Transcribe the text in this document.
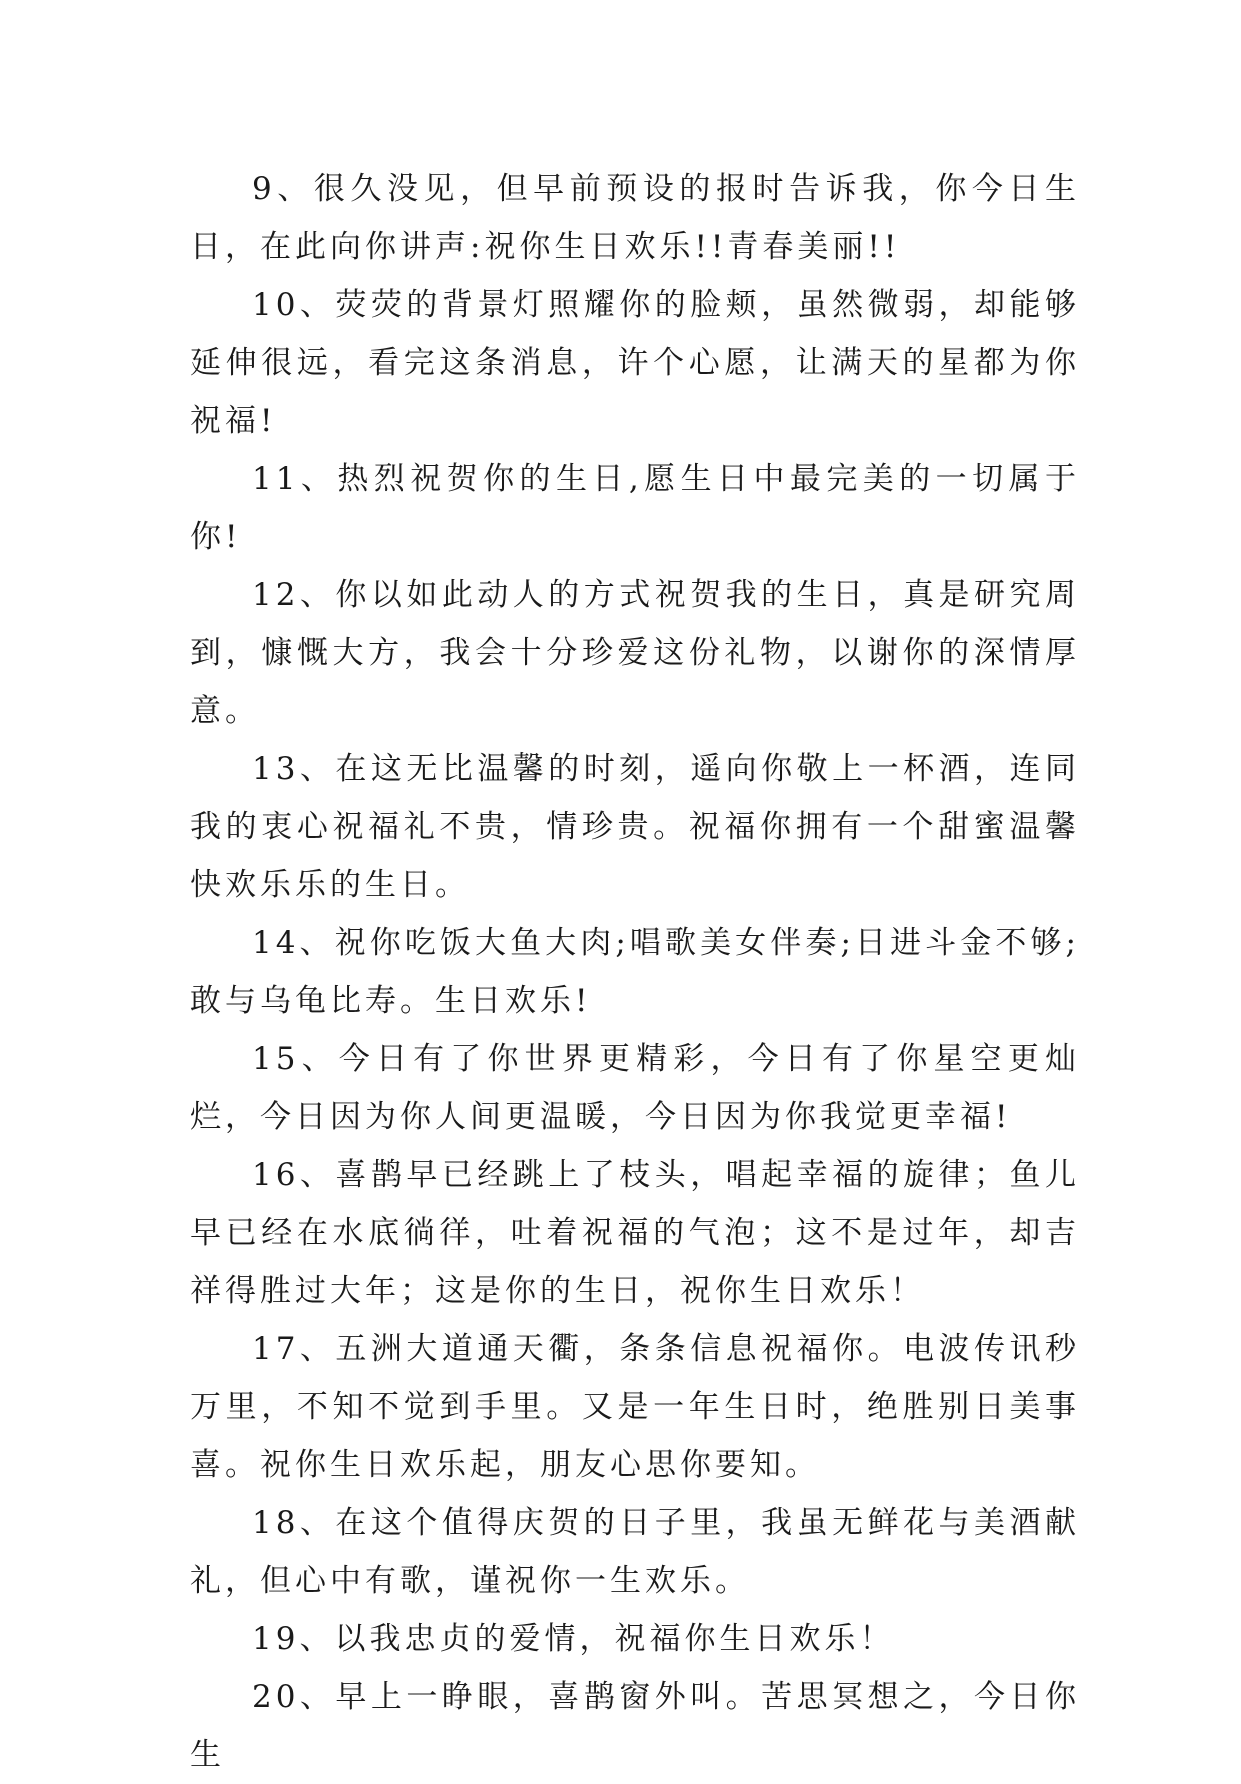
9、很久没见，但早前预设的报时告诉我，你今日生日，在此向你讲声:祝你生日欢乐!!青春美丽!!

10、荧荧的背景灯照耀你的脸颊，虽然微弱，却能够延伸很远，看完这条消息，许个心愿，让满天的星都为你祝福!

11、热烈祝贺你的生日,愿生日中最完美的一切属于你!

12、你以如此动人的方式祝贺我的生日，真是研究周到，慷慨大方，我会十分珍爱这份礼物，以谢你的深情厚意。

13、在这无比温馨的时刻，遥向你敬上一杯酒，连同我的衷心祝福礼不贵，情珍贵。祝福你拥有一个甜蜜温馨快欢乐乐的生日。

14、祝你吃饭大鱼大肉;唱歌美女伴奏;日进斗金不够;敢与乌龟比寿。生日欢乐!

15、今日有了你世界更精彩，今日有了你星空更灿烂，今日因为你人间更温暖，今日因为你我觉更幸福!

16、喜鹊早已经跳上了枝头，唱起幸福的旋律；鱼儿早已经在水底徜徉，吐着祝福的气泡；这不是过年，却吉祥得胜过大年；这是你的生日，祝你生日欢乐！

17、五洲大道通天衢，条条信息祝福你。电波传讯秒万里，不知不觉到手里。又是一年生日时，绝胜别日美事喜。祝你生日欢乐起，朋友心思你要知。

18、在这个值得庆贺的日子里，我虽无鲜花与美酒献礼，但心中有歌，谨祝你一生欢乐。

19、以我忠贞的爱情，祝福你生日欢乐！

20、早上一睁眼，喜鹊窗外叫。苦思冥想之，今日你生
